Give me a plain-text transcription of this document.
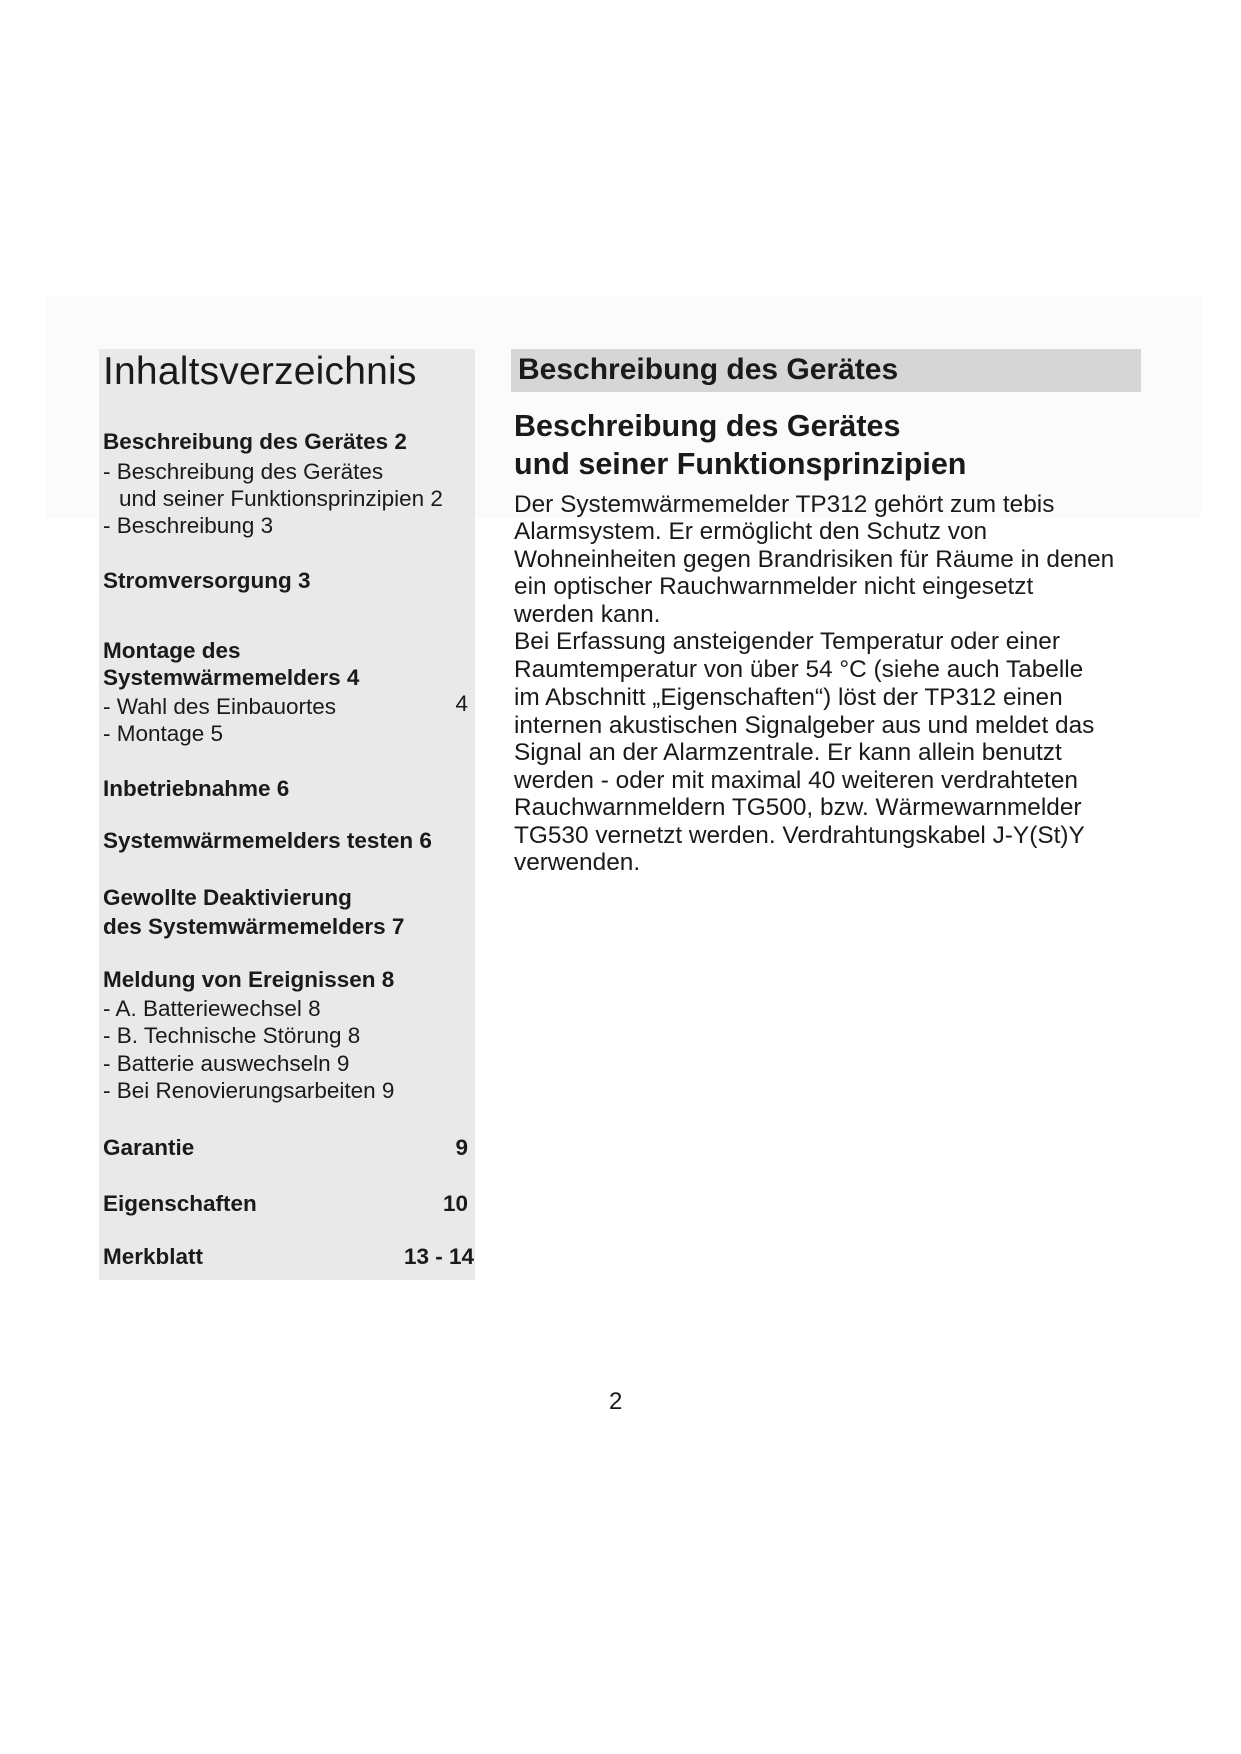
Inhaltsverzeichnis
Beschreibung des Gerätes 2
- Beschreibung des Gerätes
und seiner Funktionsprinzipien 2
- Beschreibung 3
Stromversorgung 3
Montage des
Systemwärmemelders 4
- Wahl des Einbauortes	4
- Montage 5
Inbetriebnahme 6
Systemwärmemelders testen 6
Gewollte Deaktivierung
des Systemwärmemelders 7
Meldung von Ereignissen 8
- A. Batteriewechsel 8
- B. Technische Störung 8
- Batterie auswechseln 9
- Bei Renovierungsarbeiten 9
Garantie	9
Eigenschaften	10
Merkblatt	13 - 14
Beschreibung des Gerätes
Beschreibung des Gerätes
und seiner Funktionsprinzipien
Der Systemwärmemelder TP312 gehört zum tebis
Alarmsystem. Er ermöglicht den Schutz von
Wohneinheiten gegen Brandrisiken für Räume in denen
ein optischer Rauchwarnmelder nicht eingesetzt
werden kann.
Bei Erfassung ansteigender Temperatur oder einer
Raumtemperatur von über 54 °C (siehe auch Tabelle
im Abschnitt „Eigenschaften“) löst der TP312 einen
internen akustischen Signalgeber aus und meldet das
Signal an der Alarmzentrale. Er kann allein benutzt
werden - oder mit maximal 40 weiteren verdrahteten
Rauchwarnmeldern TG500, bzw. Wärmewarnmelder
TG530 vernetzt werden. Verdrahtungskabel J-Y(St)Y
verwenden.
2
